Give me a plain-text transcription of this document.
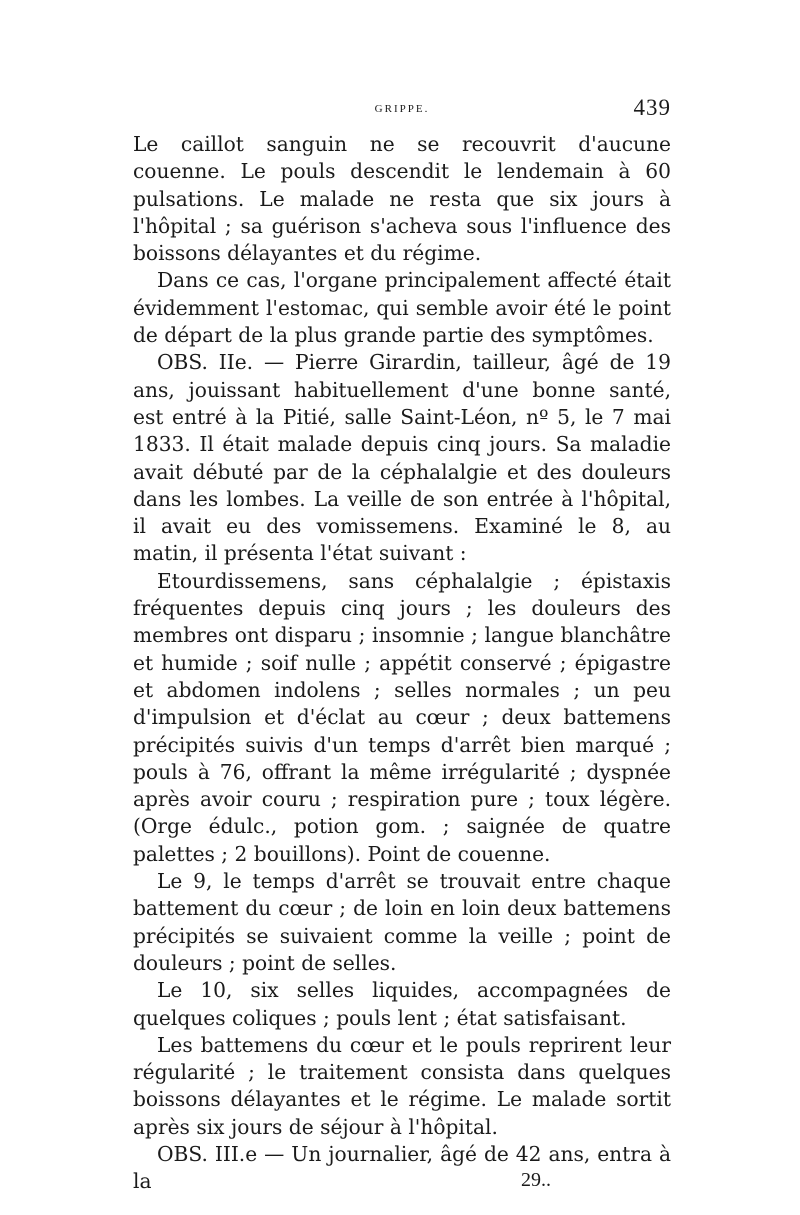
GRIPPE.	439

Le caillot sanguin ne se recouvrit d'aucune couenne. Le pouls descendit le lendemain à 60 pulsations. Le malade ne resta que six jours à l'hôpital ; sa guérison s'acheva sous l'influence des boissons délayantes et du régime.

Dans ce cas, l'organe principalement affecté était évidemment l'estomac, qui semble avoir été le point de départ de la plus grande partie des symptômes.

OBS. IIe. — Pierre Girardin, tailleur, âgé de 19 ans, jouissant habituellement d'une bonne santé, est entré à la Pitié, salle Saint-Léon, nº 5, le 7 mai 1833. Il était malade depuis cinq jours. Sa maladie avait débuté par de la céphalalgie et des douleurs dans les lombes. La veille de son entrée à l'hôpital, il avait eu des vomissemens. Examiné le 8, au matin, il présenta l'état suivant :

Etourdissemens, sans céphalalgie ; épistaxis fréquentes depuis cinq jours ; les douleurs des membres ont disparu ; insomnie ; langue blanchâtre et humide ; soif nulle ; appétit conservé ; épigastre et abdomen indolens ; selles normales ; un peu d'impulsion et d'éclat au cœur ; deux battemens précipités suivis d'un temps d'arrêt bien marqué ; pouls à 76, offrant la même irrégularité ; dyspnée après avoir couru ; respiration pure ; toux légère. (Orge édulc., potion gom. ; saignée de quatre palettes ; 2 bouillons). Point de couenne.

Le 9, le temps d'arrêt se trouvait entre chaque battement du cœur ; de loin en loin deux battemens précipités se suivaient comme la veille ; point de douleurs ; point de selles.

Le 10, six selles liquides, accompagnées de quelques coliques ; pouls lent ; état satisfaisant.

Les battemens du cœur et le pouls reprirent leur régularité ; le traitement consista dans quelques boissons délayantes et le régime. Le malade sortit après six jours de séjour à l'hôpital.

OBS. III.e — Un journalier, âgé de 42 ans, entra à la	29..
